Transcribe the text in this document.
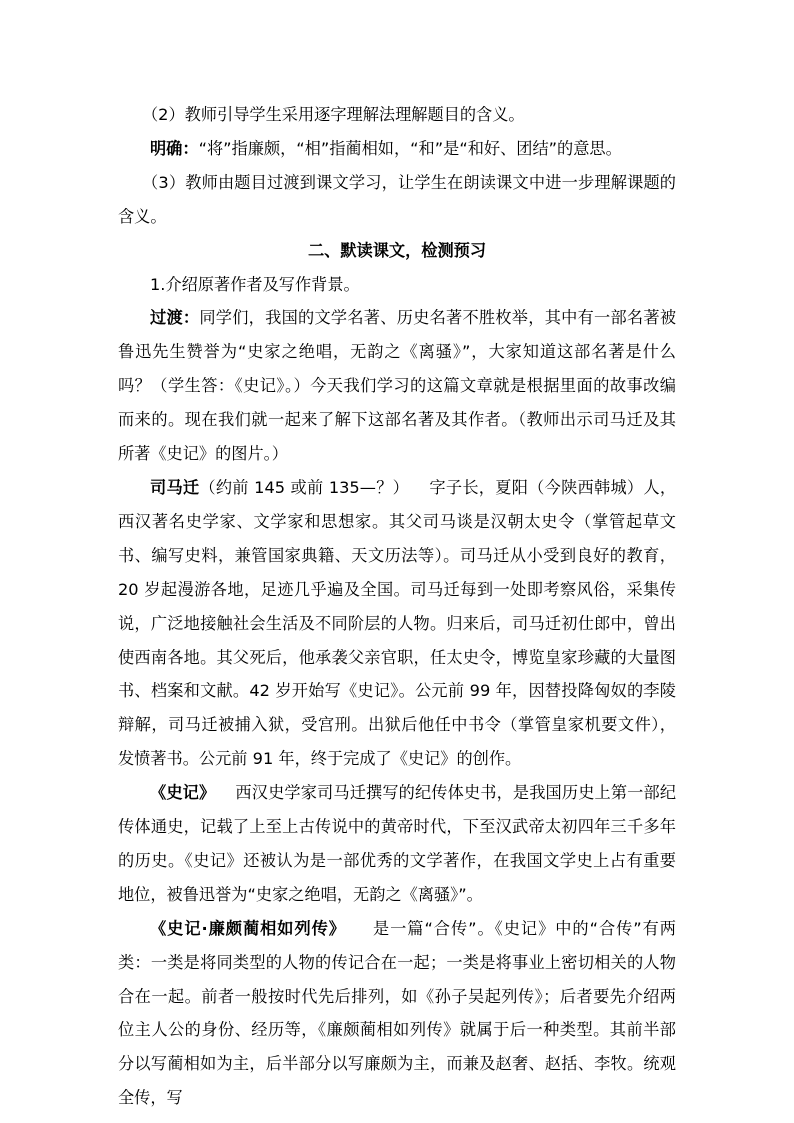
（2）教师引导学生采用逐字理解法理解题目的含义。

明确：“将”指廉颇，“相”指蔺相如，“和”是“和好、团结”的意思。

（3）教师由题目过渡到课文学习，让学生在朗读课文中进一步理解课题的含义。

二、默读课文，检测预习

1.介绍原著作者及写作背景。

过渡：同学们，我国的文学名著、历史名著不胜枚举，其中有一部名著被鲁迅先生赞誉为“史家之绝唱，无韵之《离骚》”，大家知道这部名著是什么吗？（学生答：《史记》。）今天我们学习的这篇文章就是根据里面的故事改编而来的。现在我们就一起来了解下这部名著及其作者。（教师出示司马迁及其所著《史记》的图片。）

司马迁（约前 145 或前 135—？） 字子长，夏阳（今陕西韩城）人，西汉著名史学家、文学家和思想家。其父司马谈是汉朝太史令（掌管起草文书、编写史料，兼管国家典籍、天文历法等）。司马迁从小受到良好的教育，20 岁起漫游各地，足迹几乎遍及全国。司马迁每到一处即考察风俗，采集传说，广泛地接触社会生活及不同阶层的人物。归来后，司马迁初仕郎中，曾出使西南各地。其父死后，他承袭父亲官职，任太史令，博览皇家珍藏的大量图书、档案和文献。42 岁开始写《史记》。公元前 99 年，因替投降匈奴的李陵辩解，司马迁被捕入狱，受宫刑。出狱后他任中书令（掌管皇家机要文件），发愤著书。公元前 91 年，终于完成了《史记》的创作。

《史记》 西汉史学家司马迁撰写的纪传体史书，是我国历史上第一部纪传体通史，记载了上至上古传说中的黄帝时代，下至汉武帝太初四年三千多年的历史。《史记》还被认为是一部优秀的文学著作，在我国文学史上占有重要地位，被鲁迅誉为“史家之绝唱，无韵之《离骚》”。

《史记·廉颇蔺相如列传》 是一篇“合传”。《史记》中的“合传”有两类：一类是将同类型的人物的传记合在一起；一类是将事业上密切相关的人物合在一起。前者一般按时代先后排列，如《孙子吴起列传》；后者要先介绍两位主人公的身份、经历等，《廉颇蔺相如列传》就属于后一种类型。其前半部分以写蔺相如为主，后半部分以写廉颇为主，而兼及赵奢、赵括、李牧。统观全传，写
